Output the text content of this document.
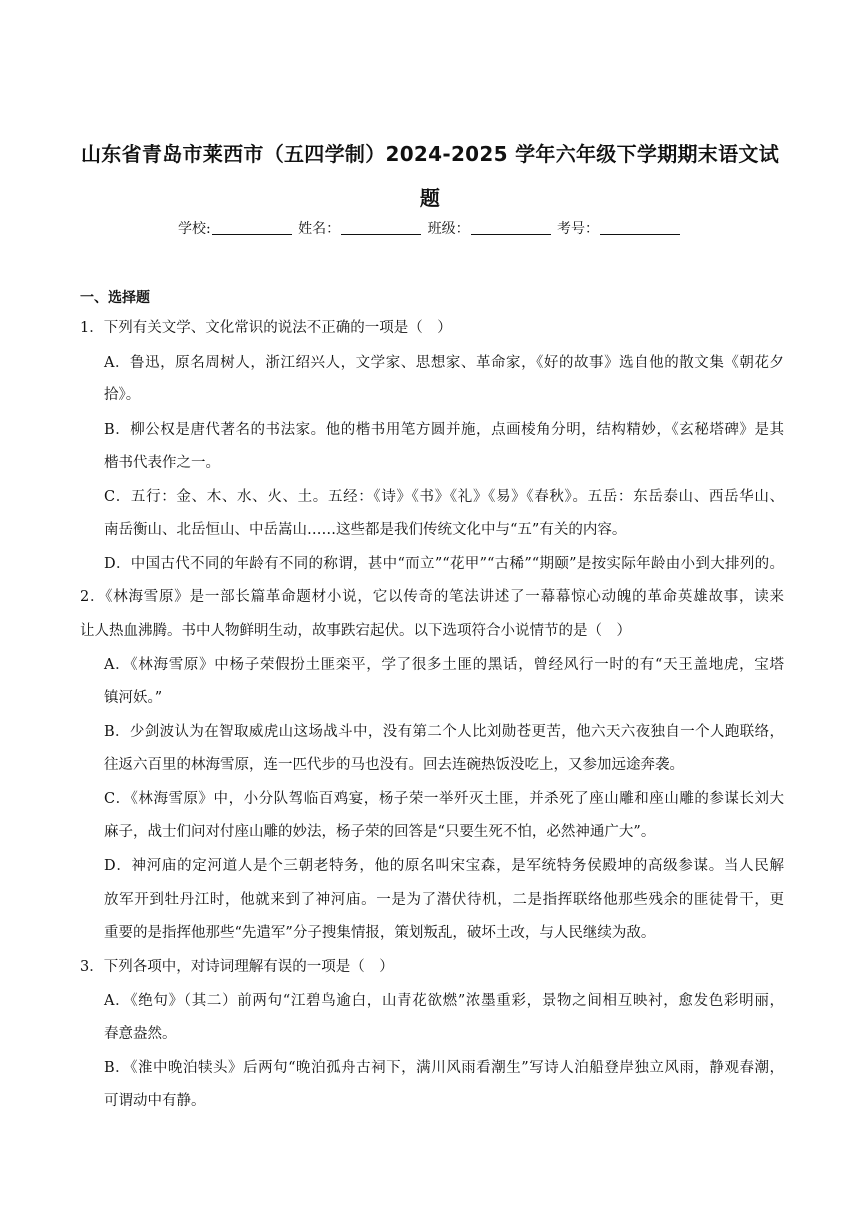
山东省青岛市莱西市（五四学制）2024-2025 学年六年级下学期期末语文试
题
学校:	姓名：	班级：	考号：
一、选择题
1．下列有关文学、文化常识的说法不正确的一项是（　）
A．鲁迅，原名周树人，浙江绍兴人，文学家、思想家、革命家，《好的故事》选自他的散文集《朝花夕
拾》。
B．柳公权是唐代著名的书法家。他的楷书用笔方圆并施，点画棱角分明，结构精妙，《玄秘塔碑》是其
楷书代表作之一。
C．五行：金、木、水、火、土。五经：《诗》《书》《礼》《易》《春秋》。五岳：东岳泰山、西岳华山、
南岳衡山、北岳恒山、中岳嵩山……这些都是我们传统文化中与“五”有关的内容。
D．中国古代不同的年龄有不同的称谓，甚中“而立”“花甲”“古稀”“期颐”是按实际年龄由小到大排列的。
2．《林海雪原》是一部长篇革命题材小说，它以传奇的笔法讲述了一幕幕惊心动魄的革命英雄故事，读来
让人热血沸腾。书中人物鲜明生动，故事跌宕起伏。以下选项符合小说情节的是（　）
A．《林海雪原》中杨子荣假扮土匪栾平，学了很多土匪的黑话，曾经风行一时的有“天王盖地虎，宝塔
镇河妖。”
B．少剑波认为在智取威虎山这场战斗中，没有第二个人比刘勋苍更苦，他六天六夜独自一个人跑联络，
往返六百里的林海雪原，连一匹代步的马也没有。回去连碗热饭没吃上，又参加远途奔袭。
C．《林海雪原》中，小分队驾临百鸡宴，杨子荣一举歼灭土匪，并杀死了座山雕和座山雕的参谋长刘大
麻子，战士们问对付座山雕的妙法，杨子荣的回答是“只要生死不怕，必然神通广大”。
D．神河庙的定河道人是个三朝老特务，他的原名叫宋宝森，是军统特务侯殿坤的高级参谋。当人民解
放军开到牡丹江时，他就来到了神河庙。一是为了潜伏待机，二是指挥联络他那些残余的匪徒骨干，更
重要的是指挥他那些“先遣军”分子搜集情报，策划叛乱，破坏土改，与人民继续为敌。
3．下列各项中，对诗词理解有误的一项是（　）
A．《绝句》（其二）前两句“江碧鸟逾白，山青花欲燃”浓墨重彩，景物之间相互映衬，愈发色彩明丽，
春意盎然。
B．《淮中晚泊犊头》后两句“晚泊孤舟古祠下，满川风雨看潮生”写诗人泊船登岸独立风雨，静观春潮，
可谓动中有静。
